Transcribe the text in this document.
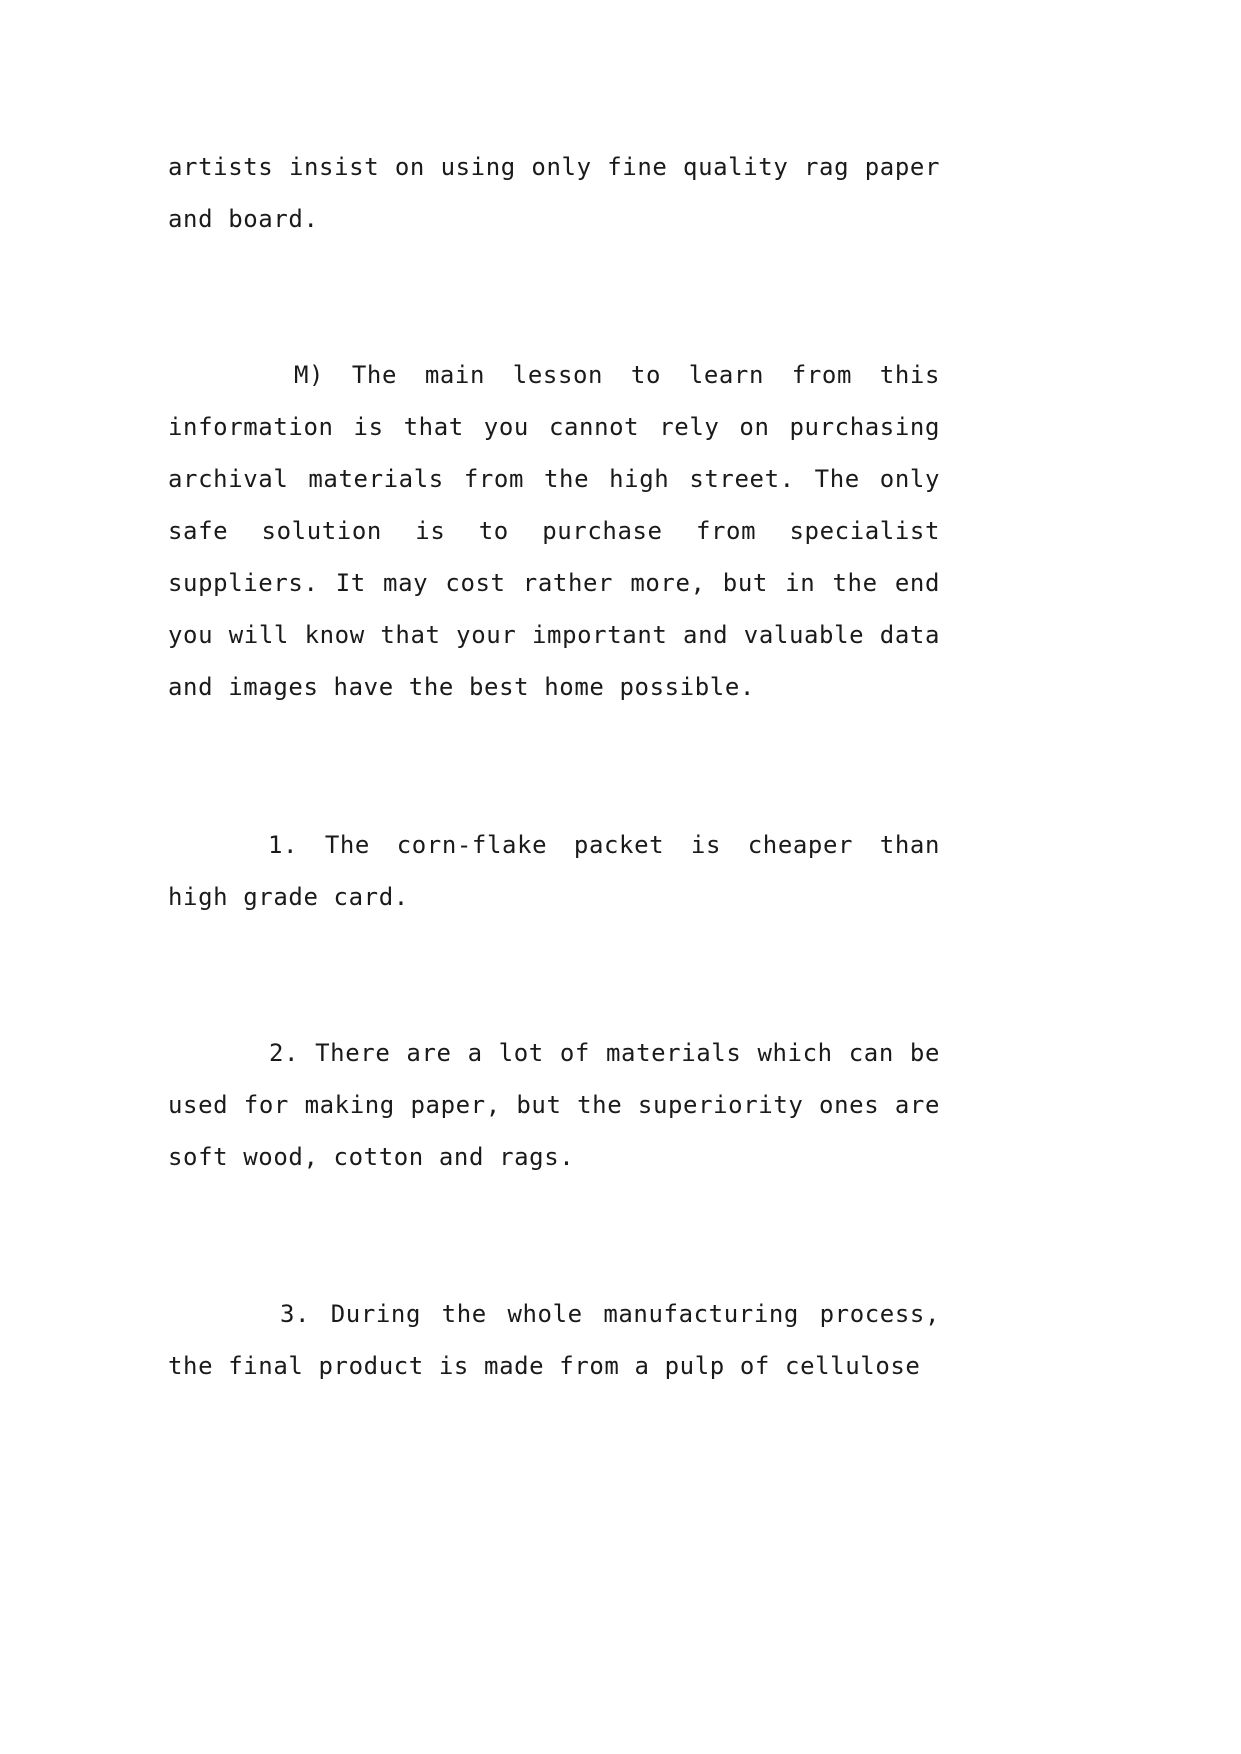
artists insist on using only fine quality rag paper and board.

M) The main lesson to learn from this information is that you cannot rely on purchasing archival materials from the high street. The only safe solution is to purchase from specialist suppliers. It may cost rather more, but in the end you will know that your important and valuable data and images have the best home possible.

1. The corn-flake packet is cheaper than high grade card.

2. There are a lot of materials which can be used for making paper, but the superiority ones are soft wood, cotton and rags.

3. During the whole manufacturing process, the final product is made from a pulp of cellulose
